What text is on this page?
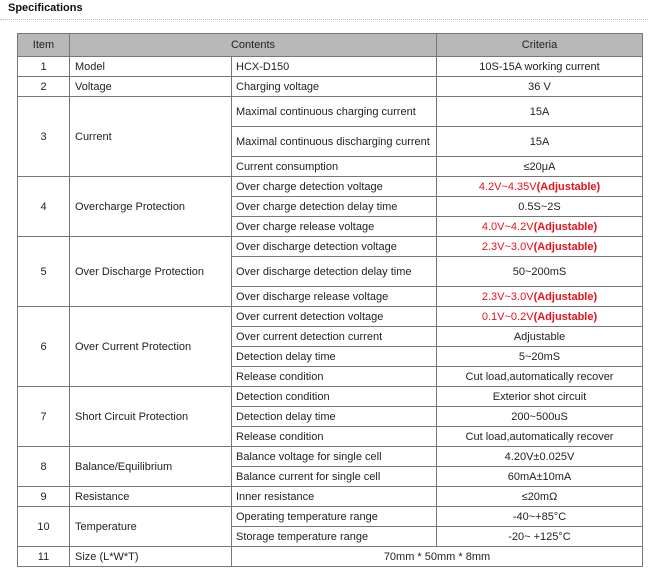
Specifications
Item	Contents		Criteria
1	Model	HCX-D150	10S-15A working current
2	Voltage	Charging voltage	36 V
3	Current	Maximal continuous charging current	15A
		Maximal continuous discharging current	15A
		Current consumption	≤20μA
4	Overcharge Protection	Over charge detection voltage	4.2V~4.35V(Adjustable)
		Over charge detection delay time	0.5S~2S
		Over charge release voltage	4.0V~4.2V(Adjustable)
5	Over Discharge Protection	Over discharge detection voltage	2.3V~3.0V(Adjustable)
		Over discharge detection delay time	50~200mS
		Over discharge release voltage	2.3V~3.0V(Adjustable)
6	Over Current Protection	Over current detection voltage	0.1V~0.2V(Adjustable)
		Over current detection current	Adjustable
		Detection delay time	5~20mS
		Release condition	Cut load,automatically recover
7	Short Circuit Protection	Detection condition	Exterior shot circuit
		Detection delay time	200~500uS
		Release condition	Cut load,automatically recover
8	Balance/Equilibrium	Balance voltage for single cell	4.20V±0.025V
		Balance current for single cell	60mA±10mA
9	Resistance	Inner resistance	≤20mΩ
10	Temperature	Operating temperature range	-40~+85°C
		Storage temperature range	-20~ +125°C
11	Size (L*W*T)	70mm * 50mm * 8mm	
